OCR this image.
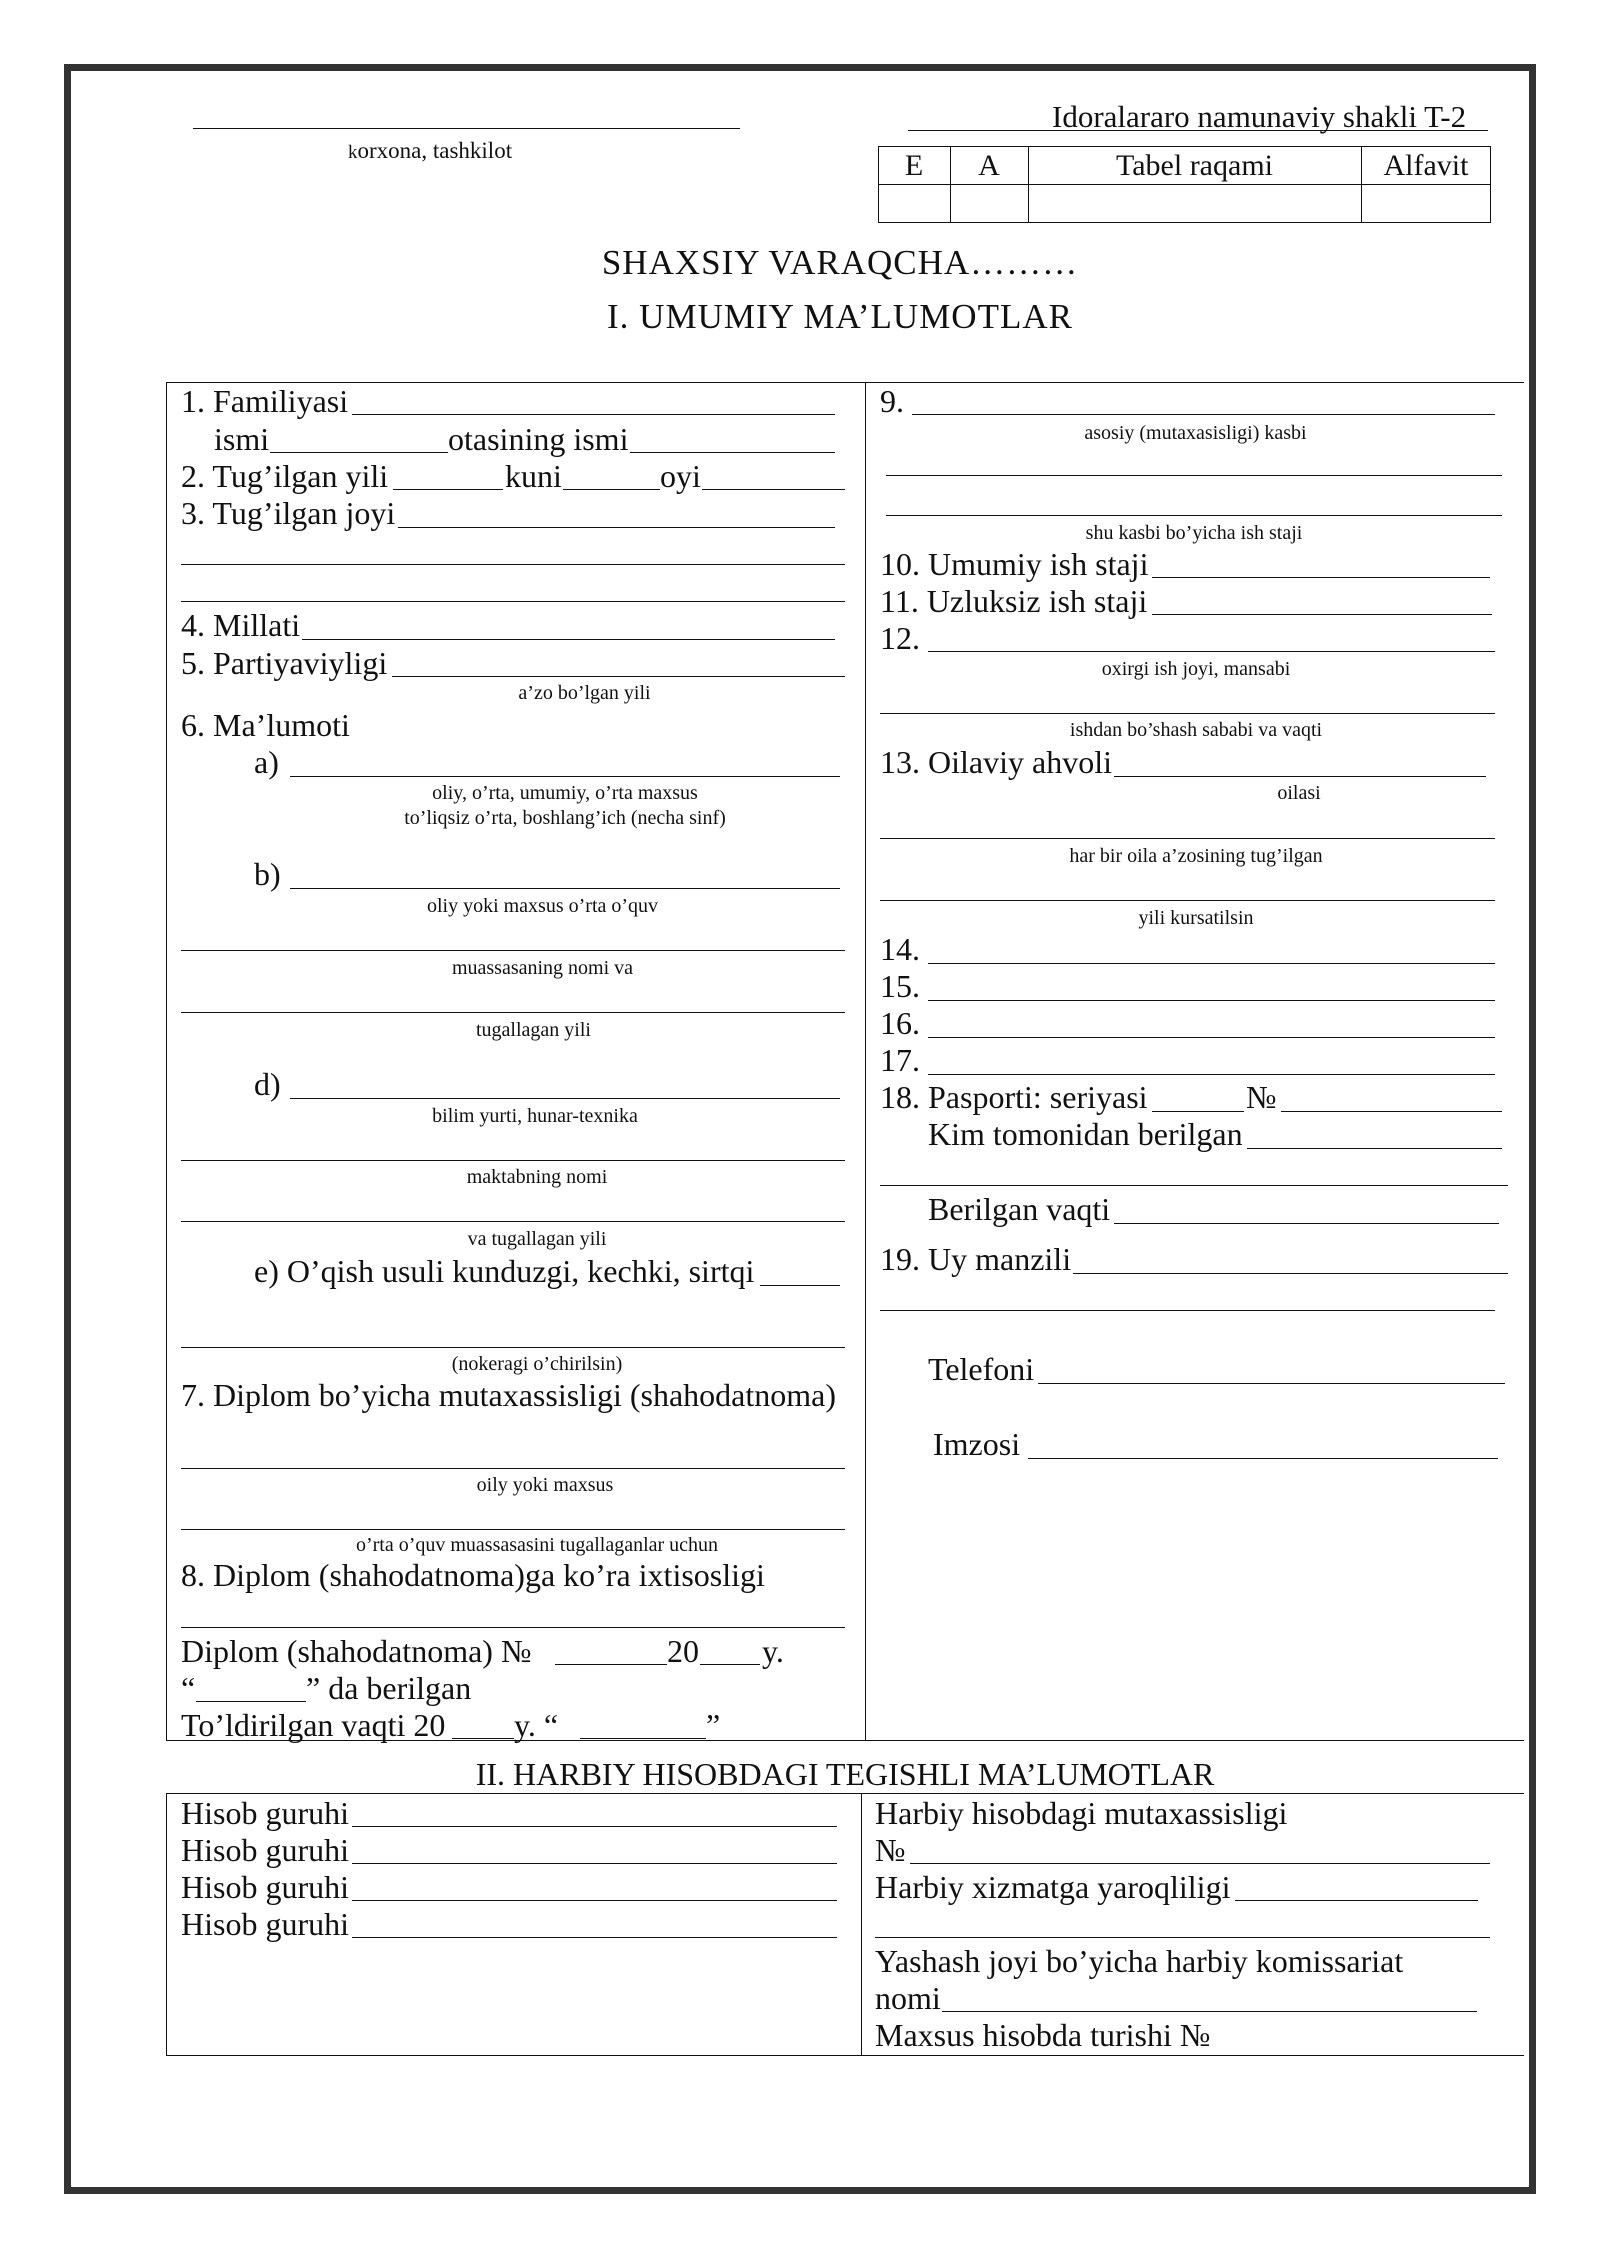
korxona, tashkilot
Idoralararo namunaviy shakli T-2
E	A	Tabel raqami	Alfavit
SHAXSIY VARAQCHA………
I. UMUMIY MA’LUMOTLAR
1. Familiyasi
ismi	otasining ismi
2. Tug’ilgan yili	kuni	oyi
3. Tug’ilgan joyi
4. Millati
5. Partiyaviyligi
a’zo bo’lgan yili
6. Ma’lumoti
a)
oliy, o’rta, umumiy, o’rta maxsus
to’liqsiz o’rta, boshlang’ich (necha sinf)
b)
oliy yoki maxsus o’rta o’quv
muassasaning nomi va
tugallagan yili
d)
bilim yurti, hunar-texnika
maktabning nomi
va tugallagan yili
e) O’qish usuli kunduzgi, kechki, sirtqi
(nokeragi o’chirilsin)
7. Diplom bo’yicha mutaxassisligi (shahodatnoma)
oily yoki maxsus
o’rta o’quv muassasasini tugallaganlar uchun
8. Diplom (shahodatnoma)ga ko’ra ixtisosligi
Diplom (shahodatnoma) №	20 y.
“	” da berilgan
To’ldirilgan vaqti 20 y. “	”
9.
asosiy (mutaxasisligi) kasbi
shu kasbi bo’yicha ish staji
10. Umumiy ish staji
11. Uzluksiz ish staji
12.
oxirgi ish joyi, mansabi
ishdan bo’shash sababi va vaqti
13. Oilaviy ahvoli
oilasi
har bir oila a’zosining tug’ilgan
yili kursatilsin
14.
15.
16.
17.
18. Pasporti: seriyasi	№
Kim tomonidan berilgan
Berilgan vaqti
19. Uy manzili
Telefoni
Imzosi
II. HARBIY HISOBDAGI TEGISHLI MA’LUMOTLAR
Hisob guruhi
Hisob guruhi
Hisob guruhi
Hisob guruhi
Harbiy hisobdagi mutaxassisligi
№
Harbiy xizmatga yaroqliligi
Yashash joyi bo’yicha harbiy komissariat
nomi
Maxsus hisobda turishi №
